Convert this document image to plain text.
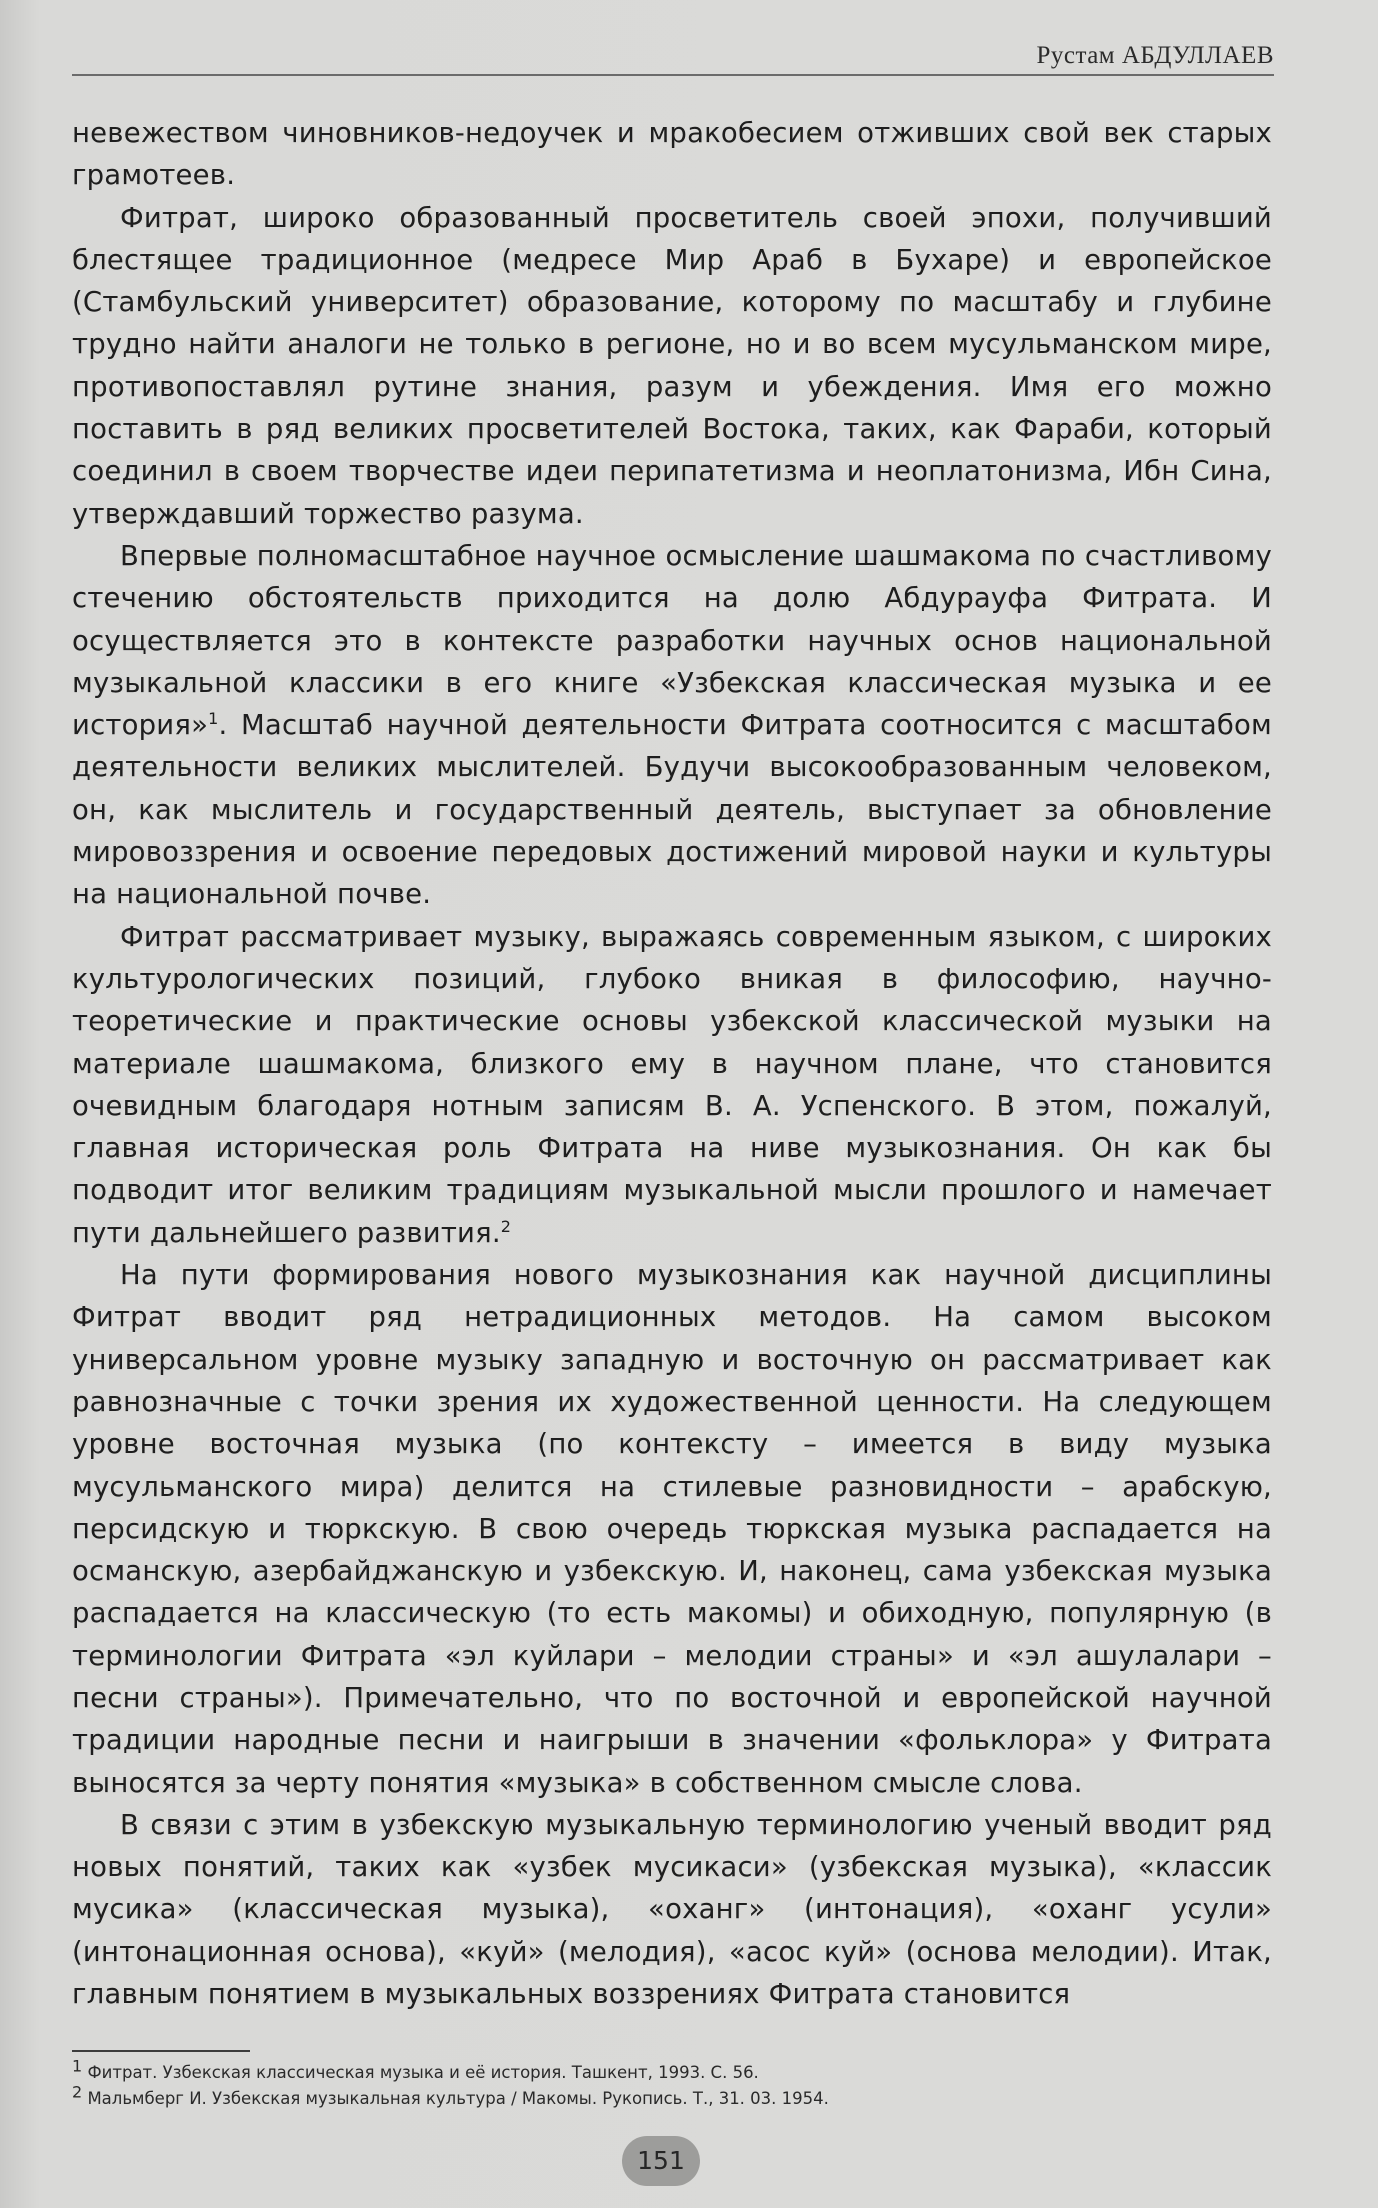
Рустам АБДУЛЛАЕВ

невежеством чиновников-недоучек и мракобесием отживших свой век старых грамотеев.

Фитрат, широко образованный просветитель своей эпохи, получивший блестящее традиционное (медресе Мир Араб в Бухаре) и европейское (Стамбульский университет) образование, которому по масштабу и глубине трудно найти аналоги не только в регионе, но и во всем мусульманском мире, противопоставлял рутине знания, разум и убеждения. Имя его можно поставить в ряд великих просветителей Востока, таких, как Фараби, который соединил в своем творчестве идеи перипатетизма и неоплатонизма, Ибн Сина, утверждавший торжество разума.

Впервые полномасштабное научное осмысление шашмакома по счастливому стечению обстоятельств приходится на долю Абдурауфа Фитрата. И осуществляется это в контексте разработки научных основ национальной музыкальной классики в его книге «Узбекская классическая музыка и ее история»$^1$. Масштаб научной деятельности Фитрата соотносится с масштабом деятельности великих мыслителей. Будучи высокообразованным человеком, он, как мыслитель и государственный деятель, выступает за обновление мировоззрения и освоение передовых достижений мировой науки и культуры на национальной почве.

Фитрат рассматривает музыку, выражаясь современным языком, с широких культурологических позиций, глубоко вникая в философию, научно-теоретические и практические основы узбекской классической музыки на материале шашмакома, близкого ему в научном плане, что становится очевидным благодаря нотным записям В. А. Успенского. В этом, пожалуй, главная историческая роль Фитрата на ниве музыкознания. Он как бы подводит итог великим традициям музыкальной мысли прошлого и намечает пути дальнейшего развития.$^2$

На пути формирования нового музыкознания как научной дисциплины Фитрат вводит ряд нетрадиционных методов. На самом высоком универсальном уровне музыку западную и восточную он рассматривает как равнозначные с точки зрения их художественной ценности. На следующем уровне восточная музыка (по контексту – имеется в виду музыка мусульманского мира) делится на стилевые разновидности – арабскую, персидскую и тюркскую. В свою очередь тюркская музыка распадается на османскую, азербайджанскую и узбекскую. И, наконец, сама узбекская музыка распадается на классическую (то есть макомы) и обиходную, популярную (в терминологии Фитрата «эл куйлари – мелодии страны» и «эл ашулалари – песни страны»). Примечательно, что по восточной и европейской научной традиции народные песни и наигрыши в значении «фольклора» у Фитрата выносятся за черту понятия «музыка» в собственном смысле слова.

В связи с этим в узбекскую музыкальную терминологию ученый вводит ряд новых понятий, таких как «узбек мусикаси» (узбекская музыка), «классик мусика» (классическая музыка), «оханг» (интонация), «оханг усули» (интонационная основа), «куй» (мелодия), «асос куй» (основа мелодии). Итак, главным понятием в музыкальных воззрениях Фитрата становится

$^1$ Фитрат. Узбекская классическая музыка и её история. Ташкент, 1993. С. 56.

$^2$ Мальмберг И. Узбекская музыкальная культура / Макомы. Рукопись. Т., 31. 03. 1954.

151
